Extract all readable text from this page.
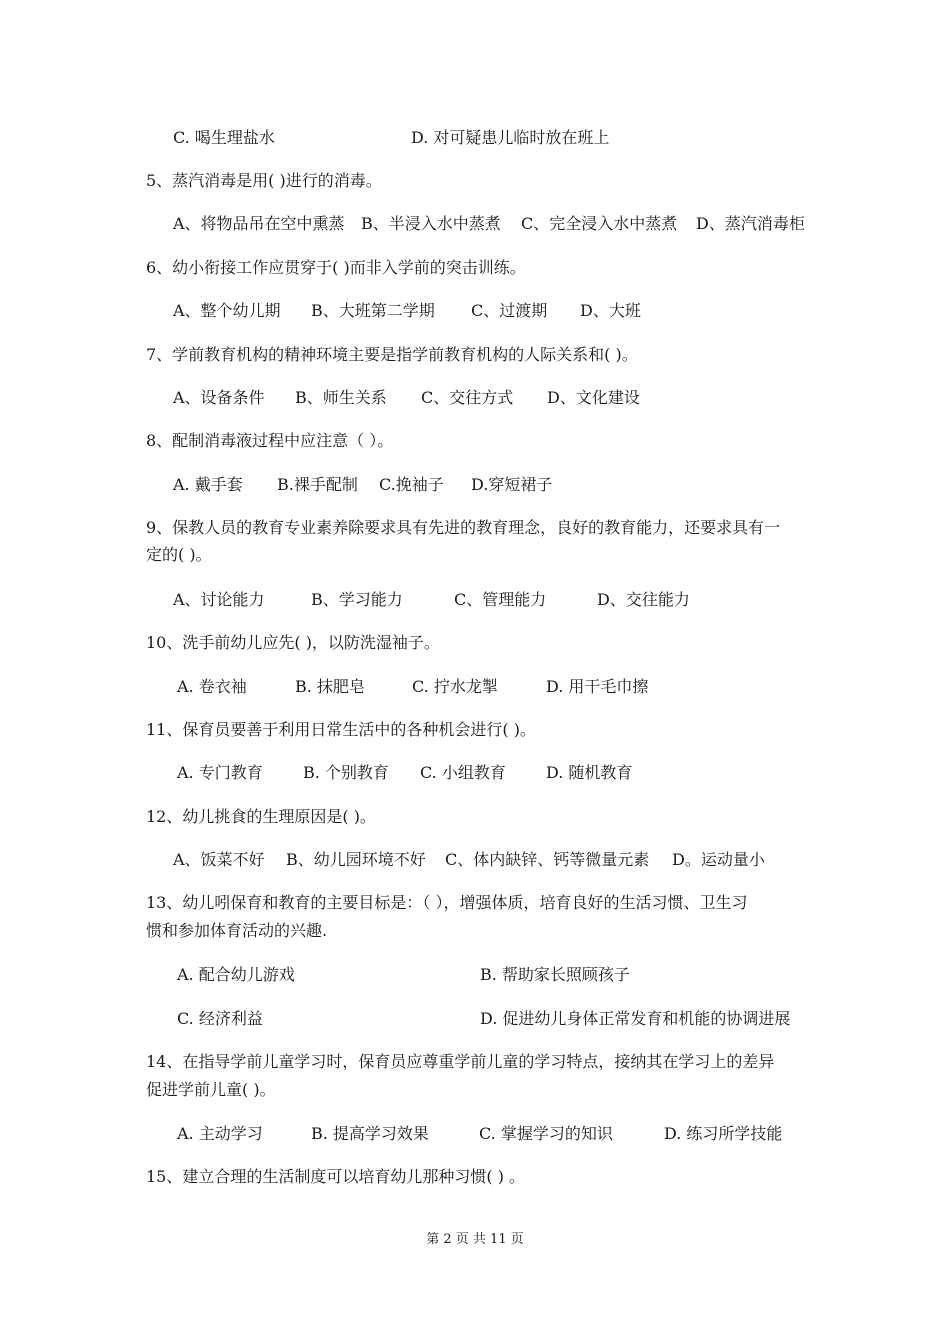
C. 喝生理盐水	D. 对可疑患儿临时放在班上
5、蒸汽消毒是用( )进行的消毒。
A、将物品吊在空中熏蒸 B、半浸入水中蒸煮 C、完全浸入水中蒸煮 D、蒸汽消毒柜
6、幼小衔接工作应贯穿于( )而非入学前的突击训练。
A、整个幼儿期 B、大班第二学期 C、过渡期 D、大班
7、学前教育机构的精神环境主要是指学前教育机构的人际关系和( )。
A、设备条件 B、师生关系 C、交往方式 D、文化建设
8、配制消毒液过程中应注意（ ）。
A. 戴手套 B.裸手配制 C.挽袖子 D.穿短裙子
9、保教人员的教育专业素养除要求具有先进的教育理念，良好的教育能力，还要求具有一
定的( )。
A、讨论能力	B、学习能力	C、管理能力	D、交往能力
10、洗手前幼儿应先( )，以防洗湿袖子。
A. 卷衣袖	B. 抹肥皂	C. 拧水龙掣	D. 用干毛巾擦
11、保育员要善于利用日常生活中的各种机会进行( )。
A. 专门教育	B. 个别教育 C. 小组教育	D. 随机教育
12、幼儿挑食的生理原因是( )。
A、饭菜不好 B、幼儿园环境不好 C、体内缺锌、钙等微量元素 D。运动量小
13、幼儿吲保育和教育的主要目标是：（ ），增强体质，培育良好的生活习惯、卫生习
惯和参加体育活动的兴趣.
A. 配合幼儿游戏	B. 帮助家长照顾孩子
C. 经济利益	D. 促进幼儿身体正常发育和机能的协调进展
14、在指导学前儿童学习时，保育员应尊重学前儿童的学习特点，接纳其在学习上的差异
促进学前儿童( )。
A. 主动学习	B. 提高学习效果	C. 掌握学习的知识	D. 练习所学技能
15、建立合理的生活制度可以培育幼儿那种习惯( ) 。
第 2 页 共 11 页
